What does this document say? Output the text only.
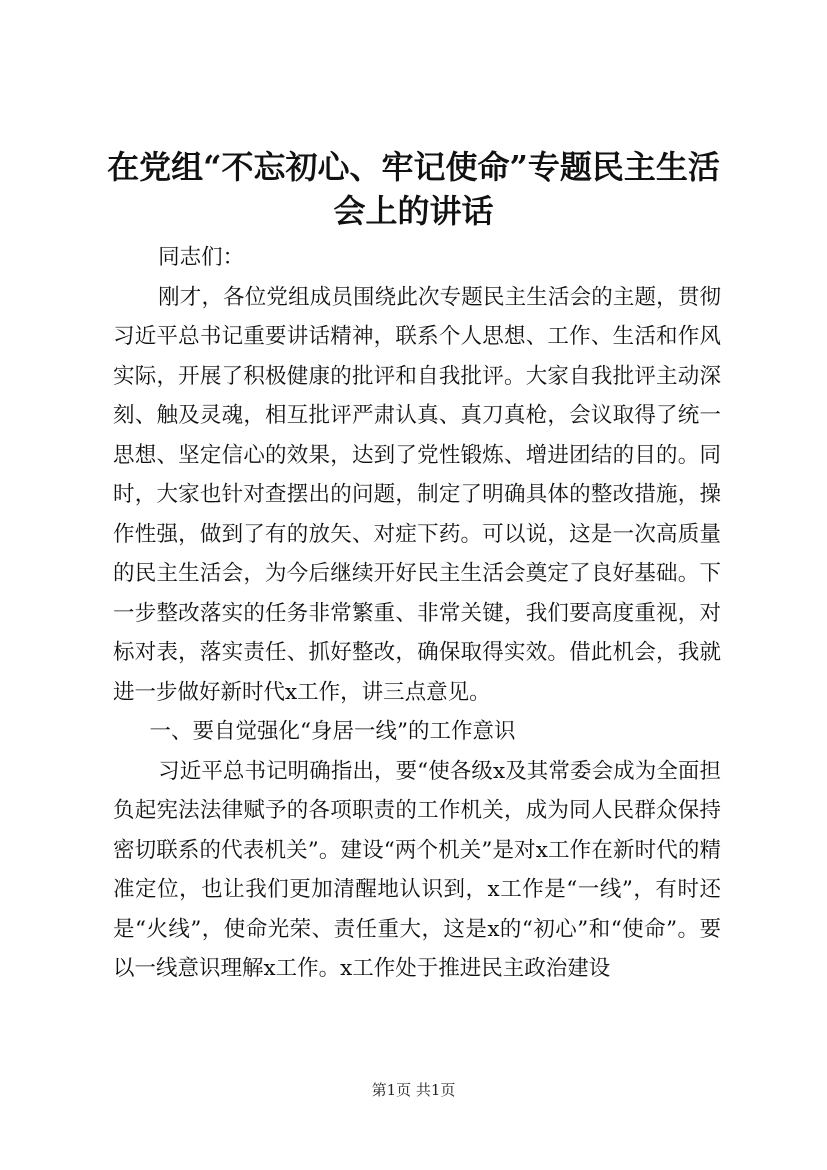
在党组“不忘初心、牢记使命”专题民主生活
会上的讲话

同志们：

刚才，各位党组成员围绕此次专题民主生活会的主题，贯彻习近平总书记重要讲话精神，联系个人思想、工作、生活和作风实际，开展了积极健康的批评和自我批评。大家自我批评主动深刻、触及灵魂，相互批评严肃认真、真刀真枪，会议取得了统一思想、坚定信心的效果，达到了党性锻炼、增进团结的目的。同时，大家也针对查摆出的问题，制定了明确具体的整改措施，操作性强，做到了有的放矢、对症下药。可以说，这是一次高质量的民主生活会，为今后继续开好民主生活会奠定了良好基础。下一步整改落实的任务非常繁重、非常关键，我们要高度重视，对标对表，落实责任、抓好整改，确保取得实效。借此机会，我就进一步做好新时代x工作，讲三点意见。

一、要自觉强化“身居一线”的工作意识

习近平总书记明确指出，要“使各级x及其常委会成为全面担负起宪法法律赋予的各项职责的工作机关，成为同人民群众保持密切联系的代表机关”。建设“两个机关”是对x工作在新时代的精准定位，也让我们更加清醒地认识到，x工作是“一线”，有时还是“火线”，使命光荣、责任重大，这是x的“初心”和“使命”。要以一线意识理解x工作。x工作处于推进民主政治建设

第1页 共1页
